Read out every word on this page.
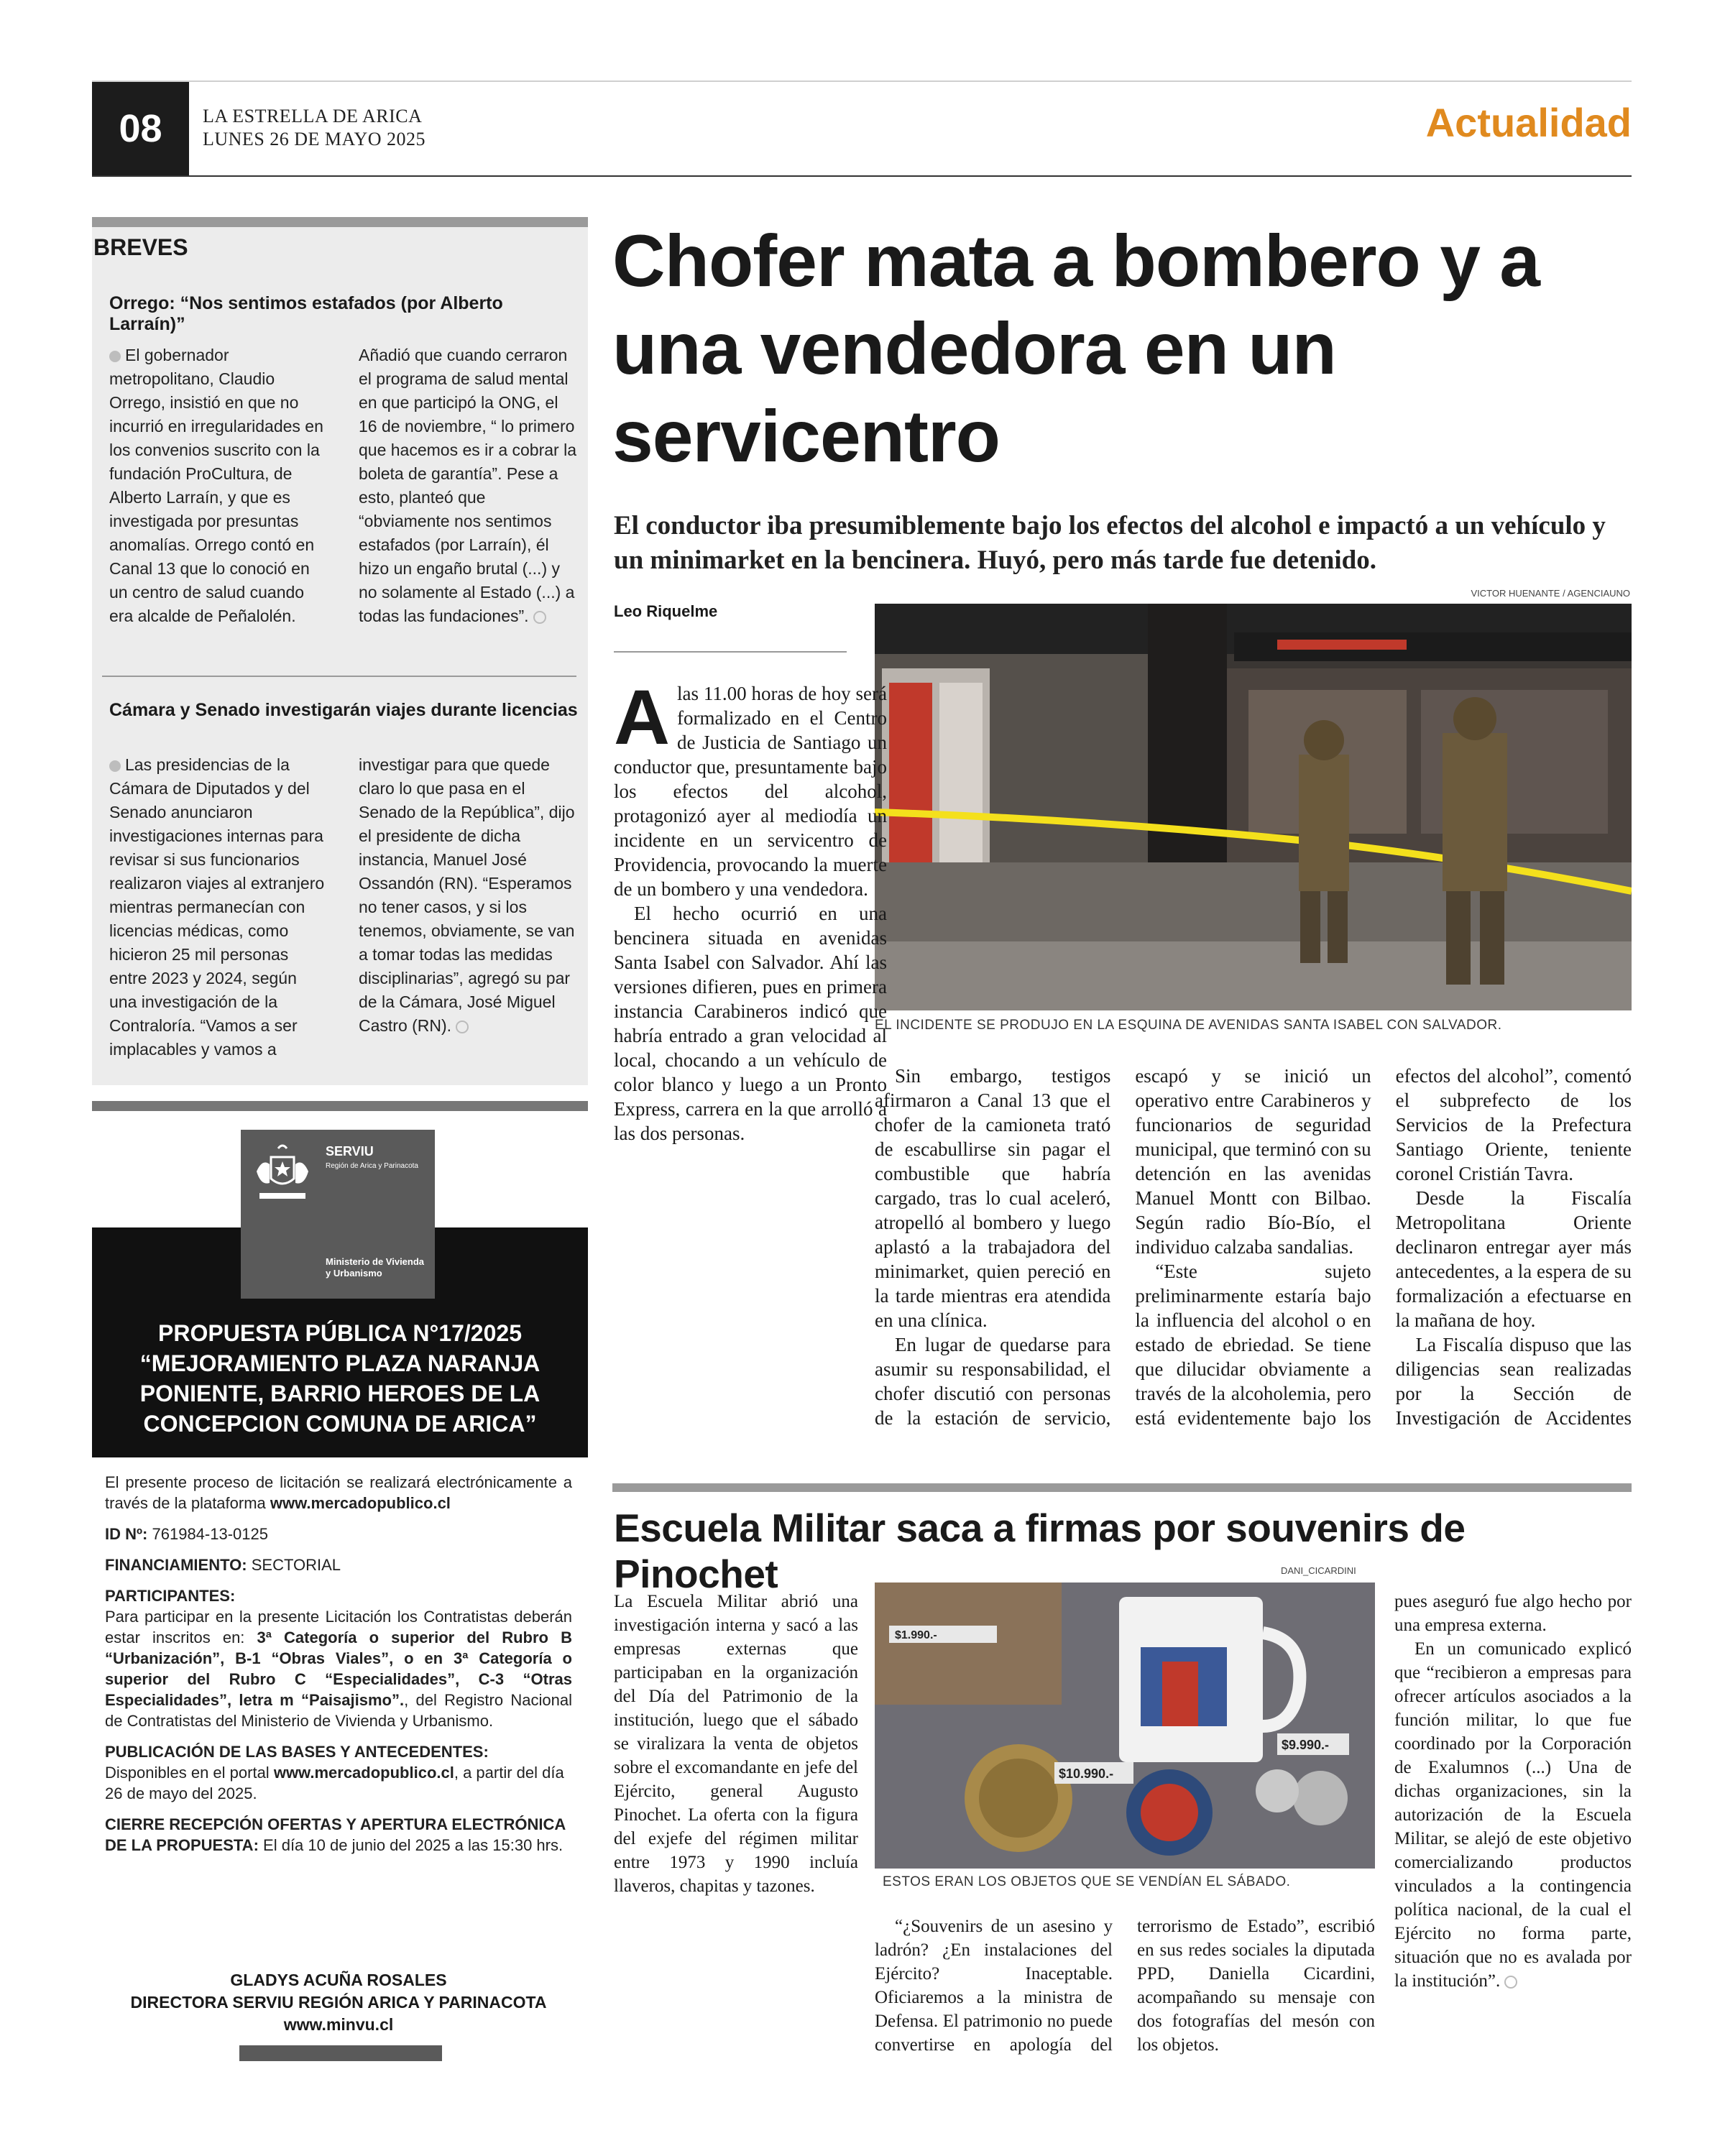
08	LA ESTRELLA DE ARICA
LUNES 26 DE MAYO 2025	Actualidad
BREVES
Orrego: “Nos sentimos estafados (por Alberto Larraín)”
El gobernador metropolitano, Claudio Orrego, insistió en que no incurrió en irregularidades en los convenios suscrito con la fundación ProCultura, de Alberto Larraín, y que es investigada por presuntas anomalías. Orrego contó en Canal 13 que lo conoció en un centro de salud cuando era alcalde de Peñalolén. Añadió que cuando cerraron el programa de salud mental en que participó la ONG, el 16 de noviembre, “ lo primero que hacemos es ir a cobrar la boleta de garantía”. Pese a esto, planteó que “obviamente nos sentimos estafados (por Larraín), él hizo un engaño brutal (...) y no solamente al Estado (...) a todas las fundaciones”.
Cámara y Senado investigarán viajes durante licencias
Las presidencias de la Cámara de Diputados y del Senado anunciaron investigaciones internas para revisar si sus funcionarios realizaron viajes al extranjero mientras permanecían con licencias médicas, como hicieron 25 mil personas entre 2023 y 2024, según una investigación de la Contraloría. “Vamos a ser implacables y vamos a investigar para que quede claro lo que pasa en el Senado de la República”, dijo el presidente de dicha instancia, Manuel José Ossandón (RN). “Esperamos no tener casos, y si los tenemos, obviamente, se van a tomar todas las medidas disciplinarias”, agregó su par de la Cámara, José Miguel Castro (RN).
PROPUESTA PÚBLICA N°17/2025 “MEJORAMIENTO PLAZA NARANJA PONIENTE, BARRIO HEROES DE LA CONCEPCION COMUNA DE ARICA”
SERVIU
Región de Arica y Parinacota
Ministerio de Vivienda y Urbanismo

El presente proceso de licitación se realizará electrónicamente a través de la plataforma www.mercadopublico.cl

ID Nº: 761984-13-0125

FINANCIAMIENTO: SECTORIAL

PARTICIPANTES:
Para participar en la presente Licitación los Contratistas deberán estar inscritos en: 3ª Categoría o superior del Rubro B “Urbanización”, B-1 “Obras Viales”, o en 3ª Categoría o superior del Rubro C “Especialidades”, C-3 “Otras Especialidades”, letra m “Paisajismo”., del Registro Nacional de Contratistas del Ministerio de Vivienda y Urbanismo.

PUBLICACIÓN DE LAS BASES Y ANTECEDENTES:
Disponibles en el portal www.mercadopublico.cl, a partir del día 26 de mayo del 2025.

CIERRE RECEPCIÓN OFERTAS Y APERTURA ELECTRÓNICA DE LA PROPUESTA: El día 10 de junio del 2025 a las 15:30 hrs.

GLADYS ACUÑA ROSALES
DIRECTORA SERVIU REGIÓN ARICA Y PARINACOTA
www.minvu.cl
Chofer mata a bombero y a una vendedora en un servicentro
El conductor iba presumiblemente bajo los efectos del alcohol e impactó a un vehículo y un minimarket en la bencinera. Huyó, pero más tarde fue detenido.
Leo Riquelme
VICTOR HUENANTE / AGENCIAUNO
EL INCIDENTE SE PRODUJO EN LA ESQUINA DE AVENIDAS SANTA ISABEL CON SALVADOR.

Alas 11.00 horas de hoy será formalizado en el Centro de Justicia de Santiago un conductor que, presuntamente bajo los efectos del alcohol, protagonizó ayer al mediodía un incidente en un servicentro de Providencia, provocando la muerte de un bombero y una vendedora.

El hecho ocurrió en una bencinera situada en avenidas Santa Isabel con Salvador. Ahí las versiones difieren, pues en primera instancia Carabineros indicó que habría entrado a gran velocidad al local, chocando a un vehículo de color blanco y luego a un Pronto Express, carrera en la que arrolló a las dos personas.

Sin embargo, testigos afirmaron a Canal 13 que el chofer de la camioneta trató de escabullirse sin pagar el combustible que habría cargado, tras lo cual aceleró, atropelló al bombero y luego aplastó a la trabajadora del minimarket, quien pereció en la tarde mientras era atendida en una clínica.

En lugar de quedarse para asumir su responsabilidad, el chofer discutió con personas de la estación de servicio, escapó y se inició un operativo entre Carabineros y funcionarios de seguridad municipal, que terminó con su detención en las avenidas Manuel Montt con Bilbao. Según radio Bío-Bío, el individuo calzaba sandalias.

“Este sujeto preliminarmente estaría bajo la influencia del alcohol o en estado de ebriedad. Se tiene que dilucidar obviamente a través de la alcoholemia, pero está evidentemente bajo los efectos del alcohol”, comentó el subprefecto de los Servicios de la Prefectura Santiago Oriente, teniente coronel Cristián Tavra.

Desde la Fiscalía Metropolitana Oriente declinaron entregar ayer más antecedentes, a la espera de su formalización a efectuarse en la mañana de hoy.

La Fiscalía dispuso que las diligencias sean realizadas por la Sección de Investigación de Accidentes

Escuela Militar saca a firmas por souvenirs de Pinochet	DANI_CICARDINI
$1.990.-
$10.990.-
$9.990.-
ESTOS ERAN LOS OBJETOS QUE SE VENDÍAN EL SÁBADO.

La Escuela Militar abrió una investigación interna y sacó a las empresas externas que participaban en la organización del Día del Patrimonio de la institución, luego que el sábado se viralizara la venta de objetos sobre el excomandante en jefe del Ejército, general Augusto Pinochet. La oferta con la figura del exjefe del régimen militar entre 1973 y 1990 incluía llaveros, chapitas y tazones.

“¿Souvenirs de un asesino y ladrón? ¿En instalaciones del Ejército? Inaceptable. Oficiaremos a la ministra de Defensa. El patrimonio no puede convertirse en apología del terrorismo de Estado”, escribió en sus redes sociales la diputada PPD, Daniella Cicardini, acompañando su mensaje con dos fotografías del mesón con los objetos.

pues aseguró fue algo hecho por una empresa externa.

En un comunicado explicó que “recibieron a empresas para ofrecer artículos asociados a la función militar, lo que fue coordinado por la Corporación de Exalumnos (...) Una de dichas organizaciones, sin la autorización de la Escuela Militar, se alejó de este objetivo comercializando productos vinculados a la contingencia política nacional, de la cual el Ejército no forma parte, situación que no es avalada por la institución”.
